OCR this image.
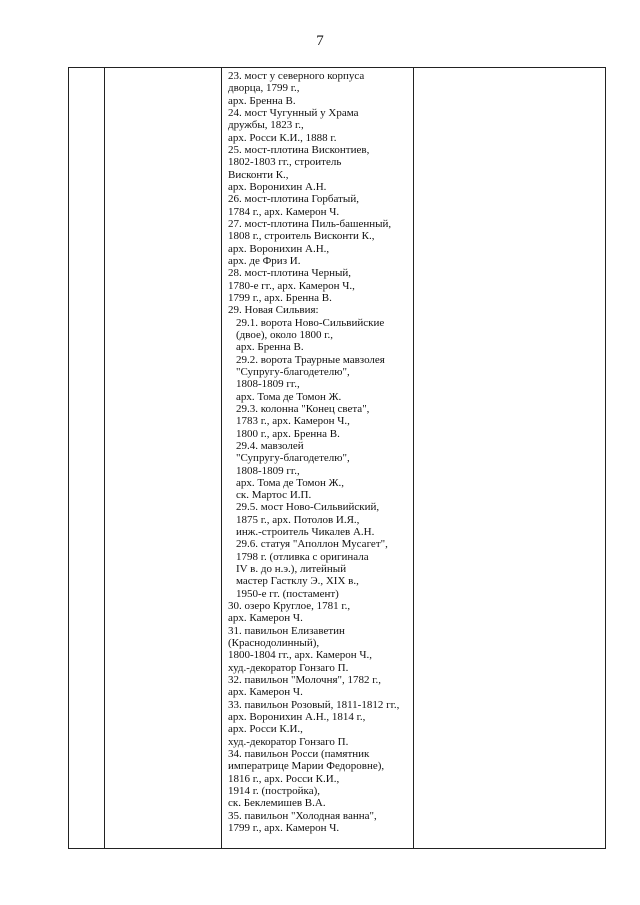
7

23. мост у северного корпуса
дворца, 1799 г.,
арх. Бренна В.
24. мост Чугунный у Храма
дружбы, 1823 г.,
арх. Росси К.И., 1888 г.
25. мост-плотина Висконтиев,
1802-1803 гг., строитель
Висконти К.,
арх. Воронихин А.Н.
26. мост-плотина Горбатый,
1784 г., арх. Камерон Ч.
27. мост-плотина Пиль-башенный,
1808 г., строитель Висконти К.,
арх. Воронихин А.Н.,
арх. де Фриз И.
28. мост-плотина Черный,
1780-е гг., арх. Камерон Ч.,
1799 г., арх. Бренна В.
29. Новая Сильвия:
29.1. ворота Ново-Сильвийские
(двое), около 1800 г.,
арх. Бренна В.
29.2. ворота Траурные мавзолея
"Супругу-благодетелю",
1808-1809 гг.,
арх. Тома де Томон Ж.
29.3. колонна "Конец света",
1783 г., арх. Камерон Ч.,
1800 г., арх. Бренна В.
29.4. мавзолей
"Супругу-благодетелю",
1808-1809 гг.,
арх. Тома де Томон Ж.,
ск. Мартос И.П.
29.5. мост Ново-Сильвийский,
1875 г., арх. Потолов И.Я.,
инж.-строитель Чикалев А.Н.
29.6. статуя "Аполлон Мусагет",
1798 г. (отливка с оригинала
IV в. до н.э.), литейный
мастер Гастклу Э., XIX в.,
1950-е гг. (постамент)
30. озеро Круглое, 1781 г.,
арх. Камерон Ч.
31. павильон Елизаветин
(Краснодолинный),
1800-1804 гг., арх. Камерон Ч.,
худ.-декоратор Гонзаго П.
32. павильон "Молочня", 1782 г.,
арх. Камерон Ч.
33. павильон Розовый, 1811-1812 гг.,
арх. Воронихин А.Н., 1814 г.,
арх. Росси К.И.,
худ.-декоратор Гонзаго П.
34. павильон Росси (памятник
императрице Марии Федоровне),
1816 г., арх. Росси К.И.,
1914 г. (постройка),
ск. Беклемишев В.А.
35. павильон "Холодная ванна",
1799 г., арх. Камерон Ч.
